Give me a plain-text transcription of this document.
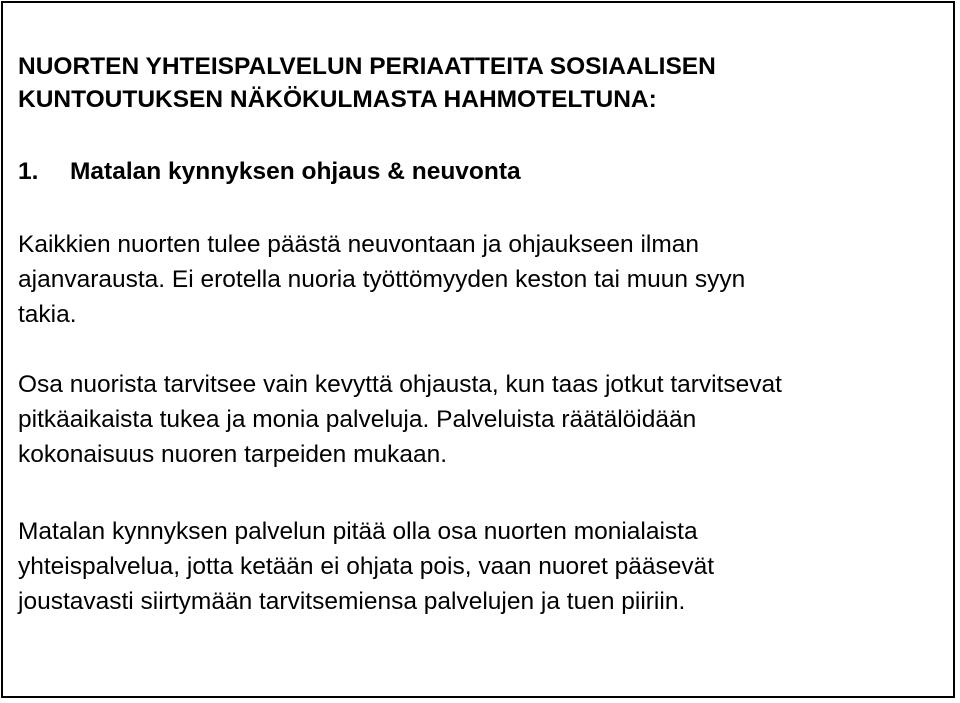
NUORTEN YHTEISPALVELUN PERIAATTEITA SOSIAALISEN
KUNTOUTUKSEN NÄKÖKULMASTA HAHMOTELTUNA:
1. Matalan kynnyksen ohjaus & neuvonta

Kaikkien nuorten tulee päästä neuvontaan ja ohjaukseen ilman
ajanvarausta. Ei erotella nuoria työttömyyden keston tai muun syyn
takia.

Osa nuorista tarvitsee vain kevyttä ohjausta, kun taas jotkut tarvitsevat
pitkäaikaista tukea ja monia palveluja. Palveluista räätälöidään
kokonaisuus nuoren tarpeiden mukaan.

Matalan kynnyksen palvelun pitää olla osa nuorten monialaista
yhteispalvelua, jotta ketään ei ohjata pois, vaan nuoret pääsevät
joustavasti siirtymään tarvitsemiensa palvelujen ja tuen piiriin.
